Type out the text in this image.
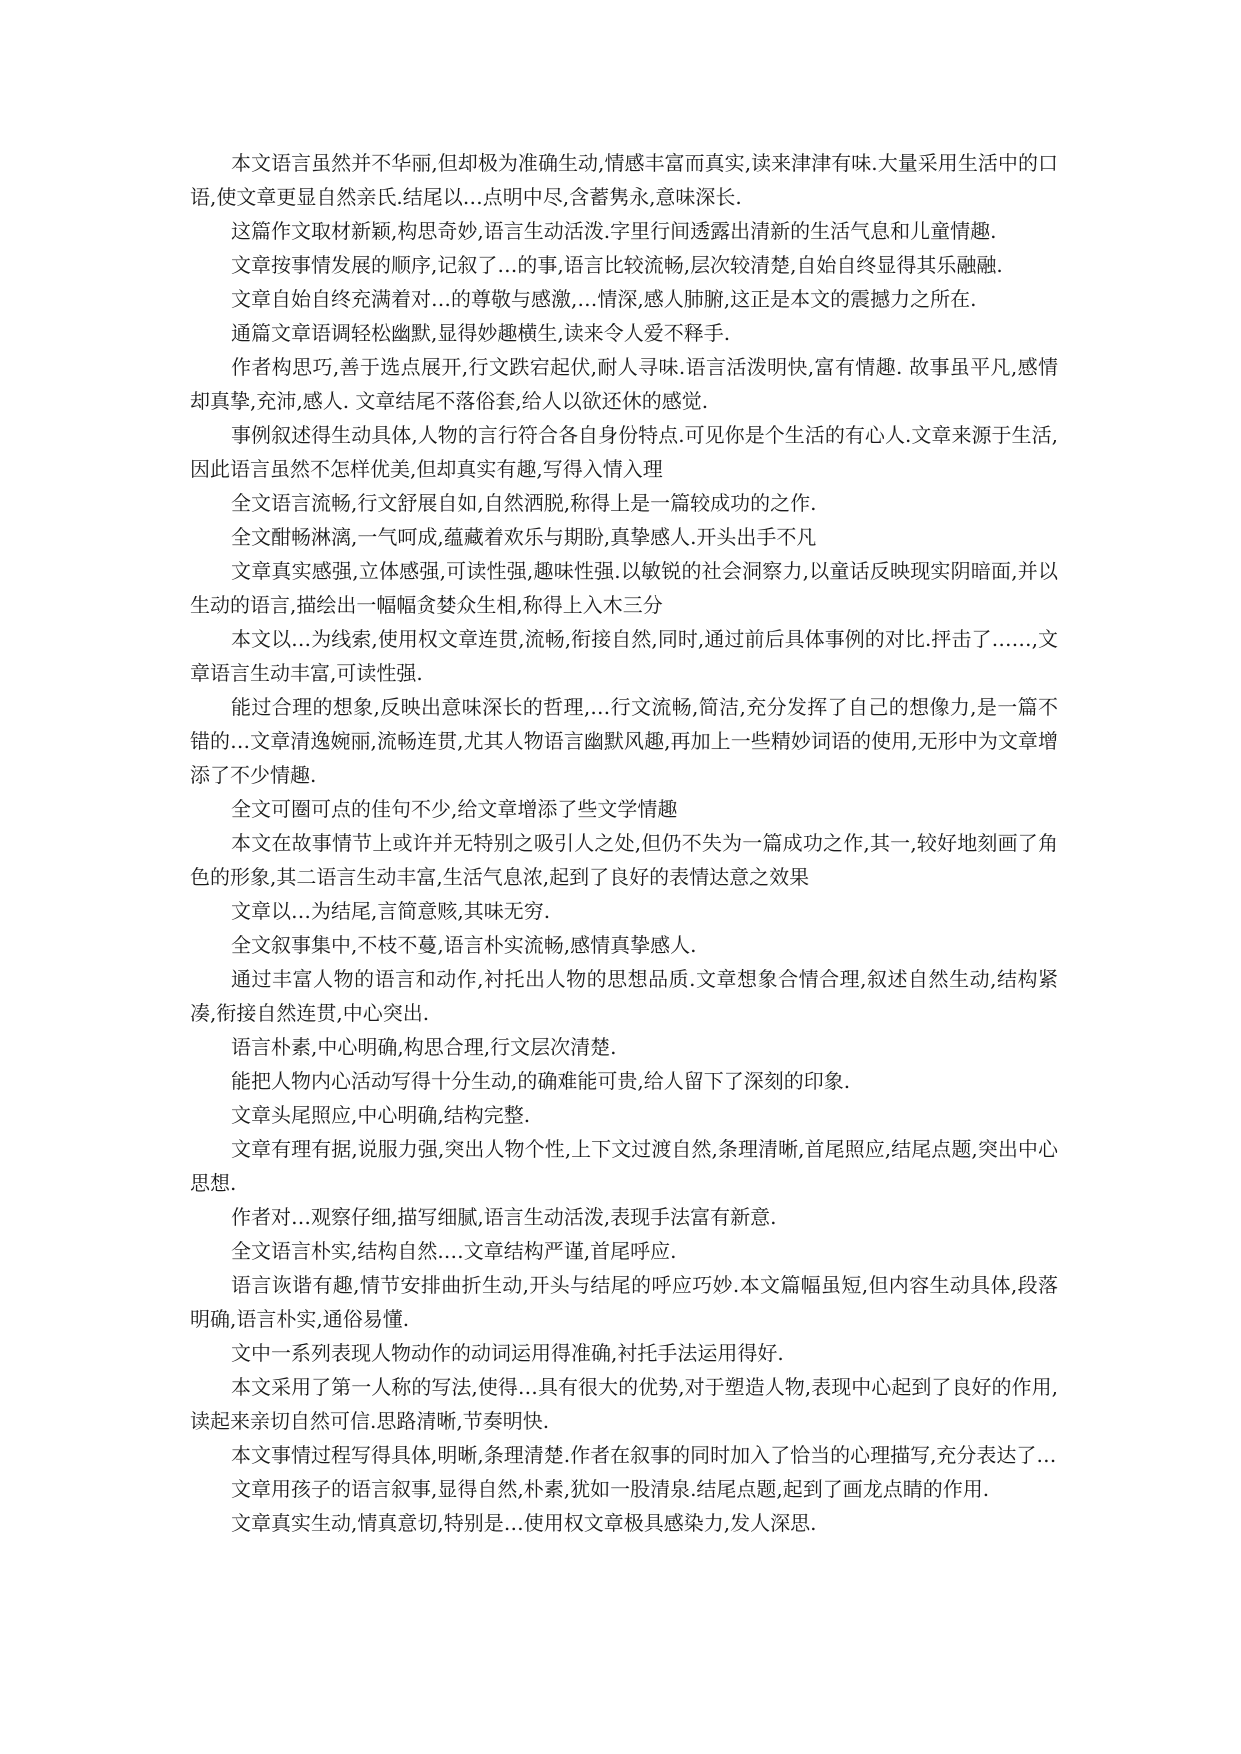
本文语言虽然并不华丽,但却极为准确生动,情感丰富而真实,读来津津有味.大量采用生活中的口语,使文章更显自然亲氏.结尾以…点明中尽,含蓄隽永,意味深长.

这篇作文取材新颖,构思奇妙,语言生动活泼.字里行间透露出清新的生活气息和儿童情趣.

文章按事情发展的顺序,记叙了…的事,语言比较流畅,层次较清楚,自始自终显得其乐融融.

文章自始自终充满着对…的尊敬与感激,…情深,感人肺腑,这正是本文的震撼力之所在.

通篇文章语调轻松幽默,显得妙趣横生,读来令人爱不释手.

作者构思巧,善于选点展开,行文跌宕起伏,耐人寻味.语言活泼明快,富有情趣. 故事虽平凡,感情却真挚,充沛,感人. 文章结尾不落俗套,给人以欲还休的感觉.

事例叙述得生动具体,人物的言行符合各自身份特点.可见你是个生活的有心人.文章来源于生活,因此语言虽然不怎样优美,但却真实有趣,写得入情入理

全文语言流畅,行文舒展自如,自然洒脱,称得上是一篇较成功的之作.

全文酣畅淋漓,一气呵成,蕴藏着欢乐与期盼,真挚感人.开头出手不凡

文章真实感强,立体感强,可读性强,趣味性强.以敏锐的社会洞察力,以童话反映现实阴暗面,并以生动的语言,描绘出一幅幅贪婪众生相,称得上入木三分

本文以…为线索,使用权文章连贯,流畅,衔接自然,同时,通过前后具体事例的对比.抨击了……,文章语言生动丰富,可读性强.

能过合理的想象,反映出意味深长的哲理,…行文流畅,简洁,充分发挥了自己的想像力,是一篇不错的…文章清逸婉丽,流畅连贯,尤其人物语言幽默风趣,再加上一些精妙词语的使用,无形中为文章增添了不少情趣.

全文可圈可点的佳句不少,给文章增添了些文学情趣

本文在故事情节上或许并无特别之吸引人之处,但仍不失为一篇成功之作,其一,较好地刻画了角色的形象,其二语言生动丰富,生活气息浓,起到了良好的表情达意之效果

文章以…为结尾,言简意赅,其味无穷.

全文叙事集中,不枝不蔓,语言朴实流畅,感情真挚感人.

通过丰富人物的语言和动作,衬托出人物的思想品质.文章想象合情合理,叙述自然生动,结构紧凑,衔接自然连贯,中心突出.

语言朴素,中心明确,构思合理,行文层次清楚.

能把人物内心活动写得十分生动,的确难能可贵,给人留下了深刻的印象.

文章头尾照应,中心明确,结构完整.

文章有理有据,说服力强,突出人物个性,上下文过渡自然,条理清晰,首尾照应,结尾点题,突出中心思想.

作者对…观察仔细,描写细腻,语言生动活泼,表现手法富有新意.

全文语言朴实,结构自然.…文章结构严谨,首尾呼应.

语言诙谐有趣,情节安排曲折生动,开头与结尾的呼应巧妙.本文篇幅虽短,但内容生动具体,段落明确,语言朴实,通俗易懂.

文中一系列表现人物动作的动词运用得准确,衬托手法运用得好.

本文采用了第一人称的写法,使得…具有很大的优势,对于塑造人物,表现中心起到了良好的作用,读起来亲切自然可信.思路清晰,节奏明快.

本文事情过程写得具体,明晰,条理清楚.作者在叙事的同时加入了恰当的心理描写,充分表达了…

文章用孩子的语言叙事,显得自然,朴素,犹如一股清泉.结尾点题,起到了画龙点睛的作用.

文章真实生动,情真意切,特别是…使用权文章极具感染力,发人深思.
